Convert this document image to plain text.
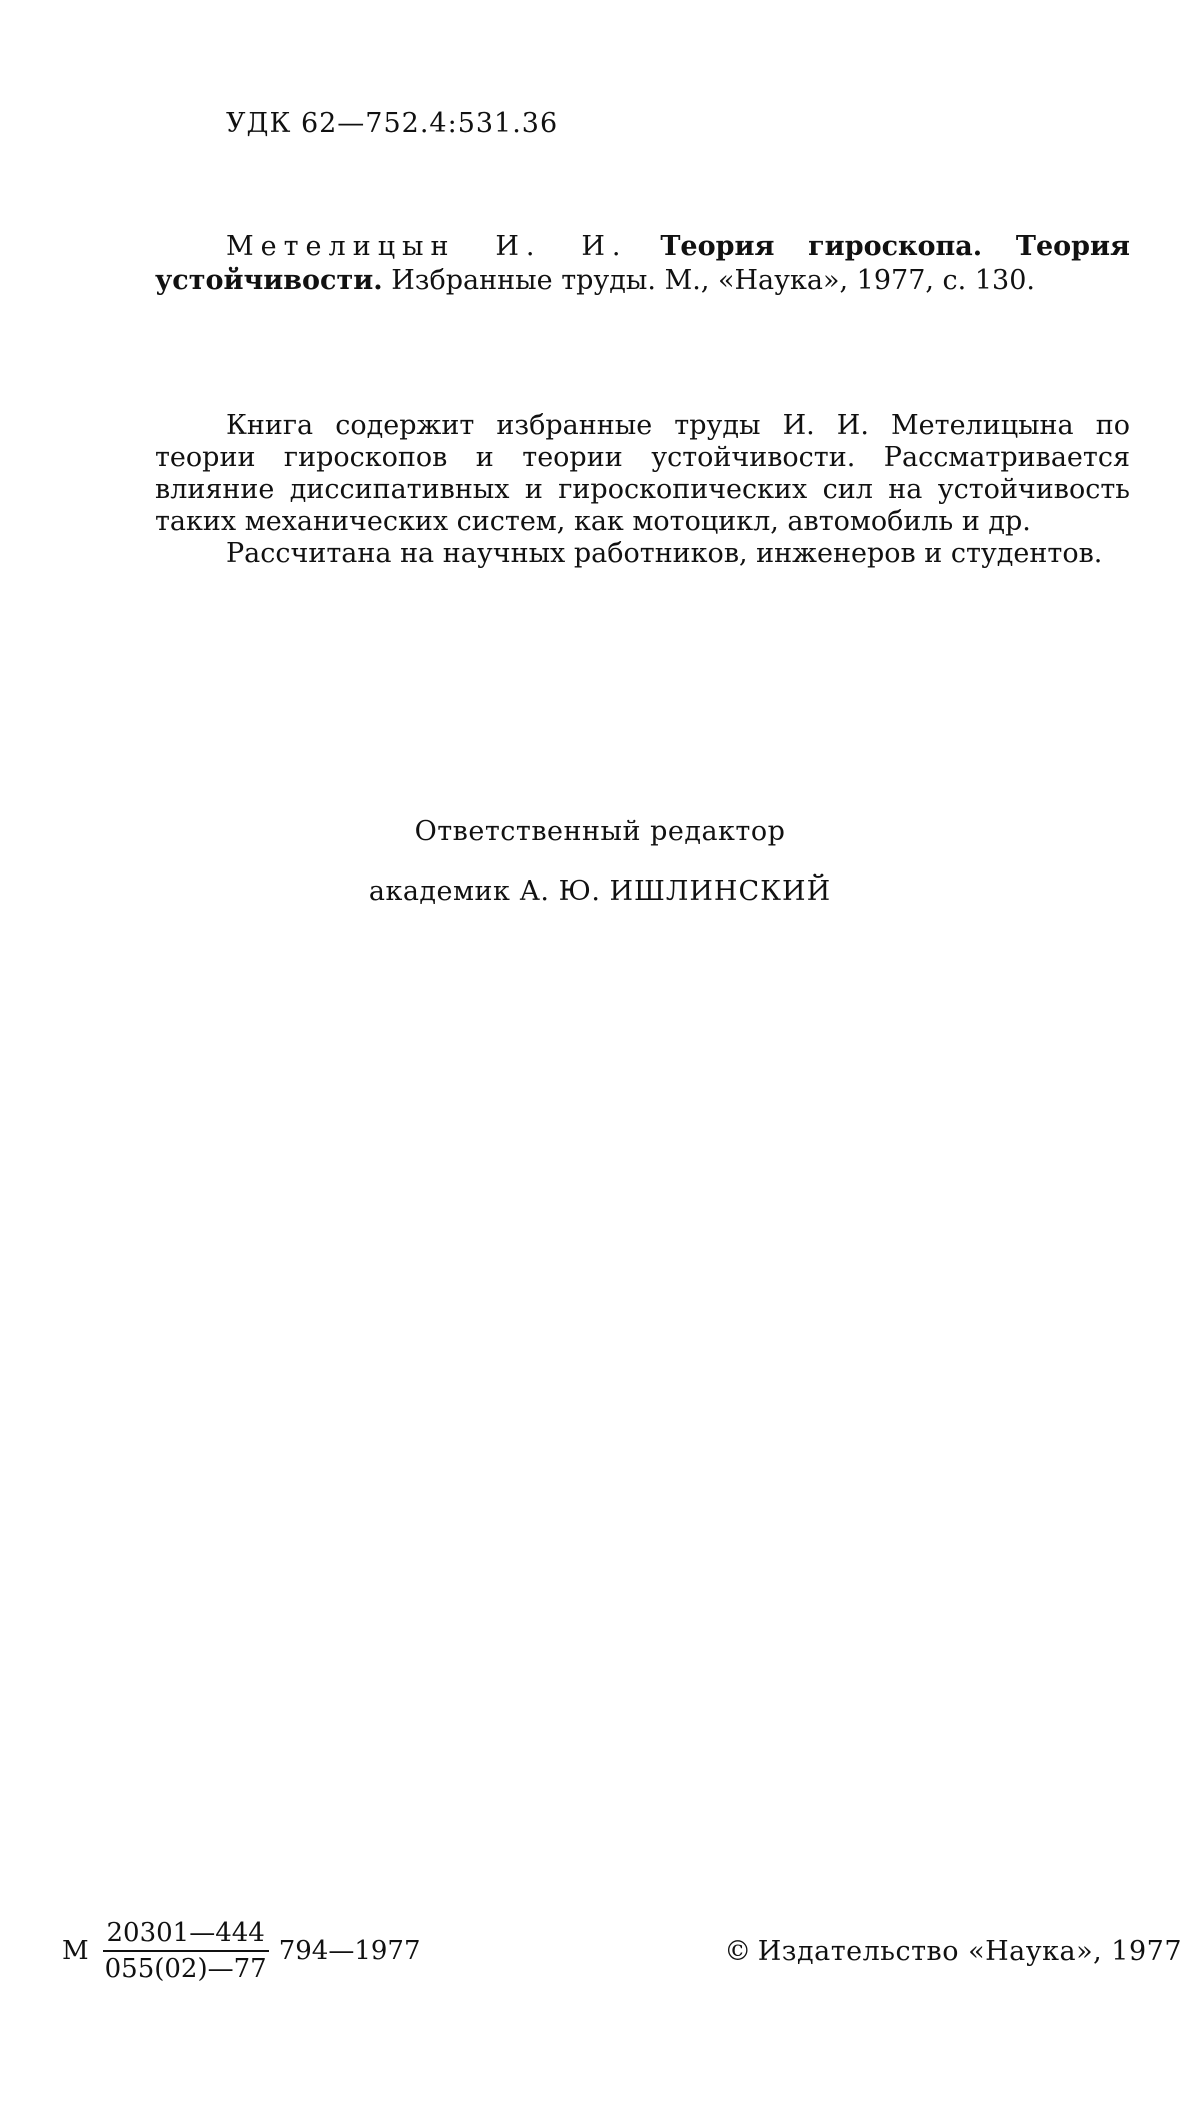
УДК 62—752.4:531.36
Метелицын И. И. Теория гироскопа. Теория устойчивости. Избранные труды. М., «Наука», 1977, с. 130.

Книга содержит избранные труды И. И. Метелицына по теории гироскопов и теории устойчивости. Рассматривается влияние диссипативных и гироскопических сил на устойчивость таких механических систем, как мотоцикл, автомобиль и др.

Рассчитана на научных работников, инженеров и студентов.

Ответственный редактор
академик А. Ю. ИШЛИНСКИЙ
М $\frac{20301—444}{055(02)—77}$ 794—1977	© Издательство «Наука», 1977
